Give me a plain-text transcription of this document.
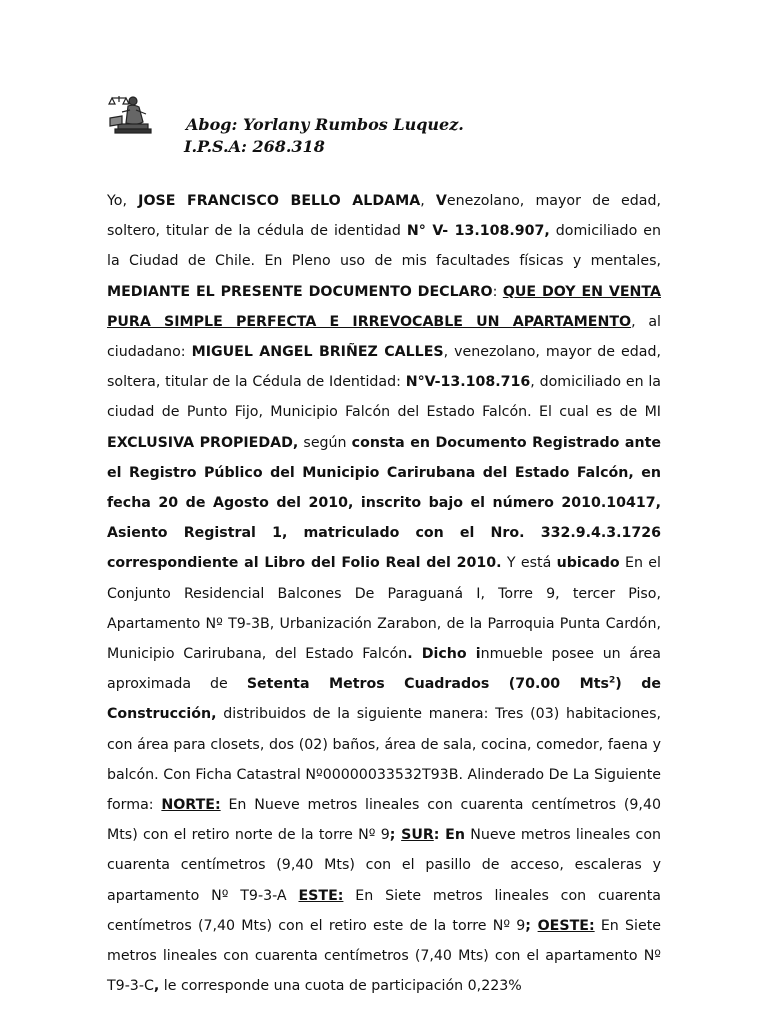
Abog: Yorlany Rumbos Luquez.
I.P.S.A: 268.318

Yo, JOSE FRANCISCO BELLO ALDAMA, Venezolano, mayor de edad, soltero, titular de la cédula de identidad N° V- 13.108.907, domiciliado en la Ciudad de Chile. En Pleno uso de mis facultades físicas y mentales, MEDIANTE EL PRESENTE DOCUMENTO DECLARO: QUE DOY EN VENTA PURA SIMPLE PERFECTA E IRREVOCABLE UN APARTAMENTO, al ciudadano: MIGUEL ANGEL BRIÑEZ CALLES, venezolano, mayor de edad, soltera, titular de la Cédula de Identidad: N°V-13.108.716, domiciliado en la ciudad de Punto Fijo, Municipio Falcón del Estado Falcón. El cual es de MI EXCLUSIVA PROPIEDAD, según consta en Documento Registrado ante el Registro Público del Municipio Carirubana del Estado Falcón, en fecha 20 de Agosto del 2010, inscrito bajo el número 2010.10417, Asiento Registral 1, matriculado con el Nro. 332.9.4.3.1726 correspondiente al Libro del Folio Real del 2010. Y está ubicado En el Conjunto Residencial Balcones De Paraguaná I, Torre 9, tercer Piso, Apartamento Nº T9-3B, Urbanización Zarabon, de la Parroquia Punta Cardón, Municipio Carirubana, del Estado Falcón. Dicho inmueble posee un área aproximada de Setenta Metros Cuadrados (70.00 Mts$^2$) de Construcción, distribuidos de la siguiente manera: Tres (03) habitaciones, con área para closets, dos (02) baños, área de sala, cocina, comedor, faena y balcón. Con Ficha Catastral Nº00000033532T93B. Alinderado De La Siguiente forma: NORTE: En Nueve metros lineales con cuarenta centímetros (9,40 Mts) con el retiro norte de la torre Nº 9; SUR: En Nueve metros lineales con cuarenta centímetros (9,40 Mts) con el pasillo de acceso, escaleras y apartamento Nº T9-3-A ESTE: En Siete metros lineales con cuarenta centímetros (7,40 Mts) con el retiro este de la torre Nº 9; OESTE: En Siete metros lineales con cuarenta centímetros (7,40 Mts) con el apartamento Nº T9-3-C, le corresponde una cuota de participación 0,223%
